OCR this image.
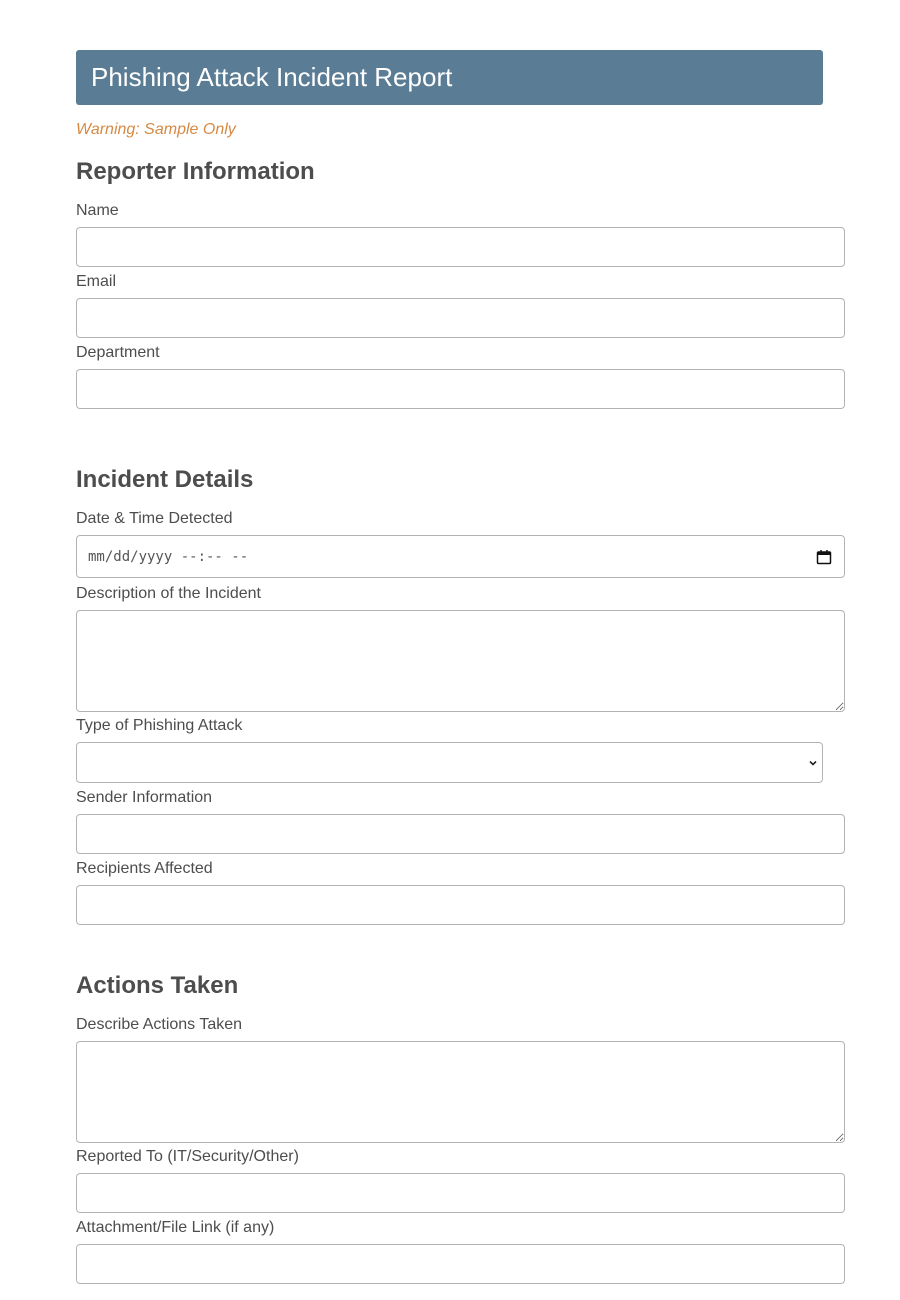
Phishing Attack Incident Report
Warning: Sample Only
Reporter Information
Name
Email
Department
Incident Details
Date & Time Detected
mm/dd/yyyy --:-- --
Description of the Incident
Type of Phishing Attack
Sender Information
Recipients Affected
Actions Taken
Describe Actions Taken
Reported To (IT/Security/Other)
Attachment/File Link (if any)
